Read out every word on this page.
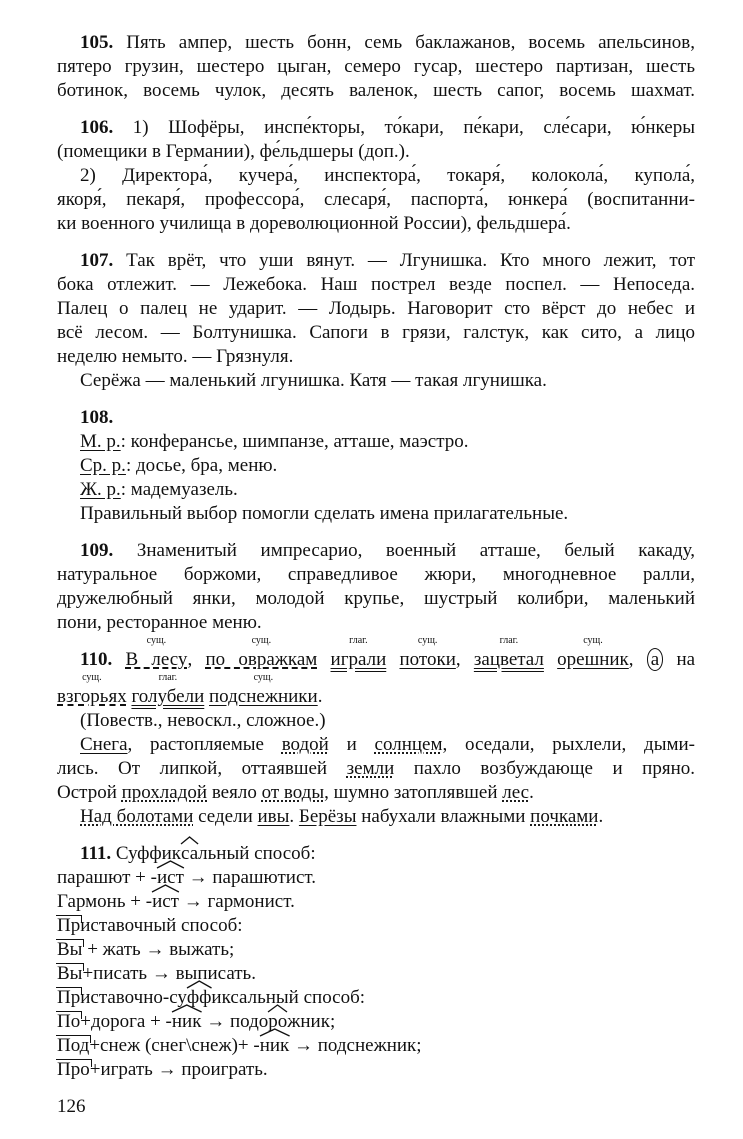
105. Пять ампер, шесть бонн, семь баклажанов, восемь апельсинов,
пятеро грузин, шестеро цыган, семеро гусар, шестеро партизан, шесть
ботинок, восемь чулок, десять валенок, шесть сапог, восемь шахмат.
106. 1) Шофёры, инспе́кторы, то́кари, пе́кари, сле́сари, ю́нкеры
(помещики в Германии), фе́льдшеры (доп.).
2) Директора́, кучера́, инспектора́, токаря́, колокола́, купола́,
якоря́, пекаря́, профессора́, слесаря́, паспорта́, юнкера́ (воспитанни-
ки военного училища в дореволюционной России), фельдшера́.
107. Так врёт, что уши вянут. — Лгунишка. Кто много лежит, тот
бока отлежит. — Лежебока. Наш пострел везде поспел. — Непоседа.
Палец о палец не ударит. — Лодырь. Наговорит сто вёрст до небес и
всё лесом. — Болтунишка. Сапоги в грязи, галстук, как сито, а лицо
неделю немыто. — Грязнуля.
Серёжа — маленький лгунишка. Катя — такая лгунишка.
108.
М. р.: конферансье, шимпанзе, атташе, маэстро.
Ср. р.: досье, бра, меню.
Ж. р.: мадемуазель.
Правильный выбор помогли сделать имена прилагательные.
109. Знаменитый импресарио, военный атташе, белый какаду,
натуральное боржоми, справедливое жюри, многодневное ралли,
дружелюбный янки, молодой крупье, шустрый колибри, маленький
пони, ресторанное меню.
110. В лесу
сущ.
, по овражкам
сущ.
играли
глаг.
потоки
сущ.
, зацветал
глаг.
орешник
сущ.
, а на
взгорьях
сущ.
голубели
глаг.
подснежники
сущ.
.
(Повеств., невоскл., сложное.)
Снега, растопляемые водой и солнцем, оседали, рыхлели, дыми-
лись. От липкой, оттаявшей земли пахло возбуждающе и пряно.
Острой прохладой веяло от воды, шумно затоплявшей лес.
Над болотами седели ивы. Берёзы набухали влажными почками.
111. Суффикса
льный способ:
парашют + -ист
→ парашютист.
Гармонь + -ист
→ гармонист.
Приставочный способ:
Вы + жать → выжать;
Вы+писать → выписать.
Приставочно-суфф
иксальный способ:
По+дорога + -ник
→ подоро
жник;
Под+снеж (снег\снеж)+ -ник
→ подснежник;
Про+играть → проиграть.
126
